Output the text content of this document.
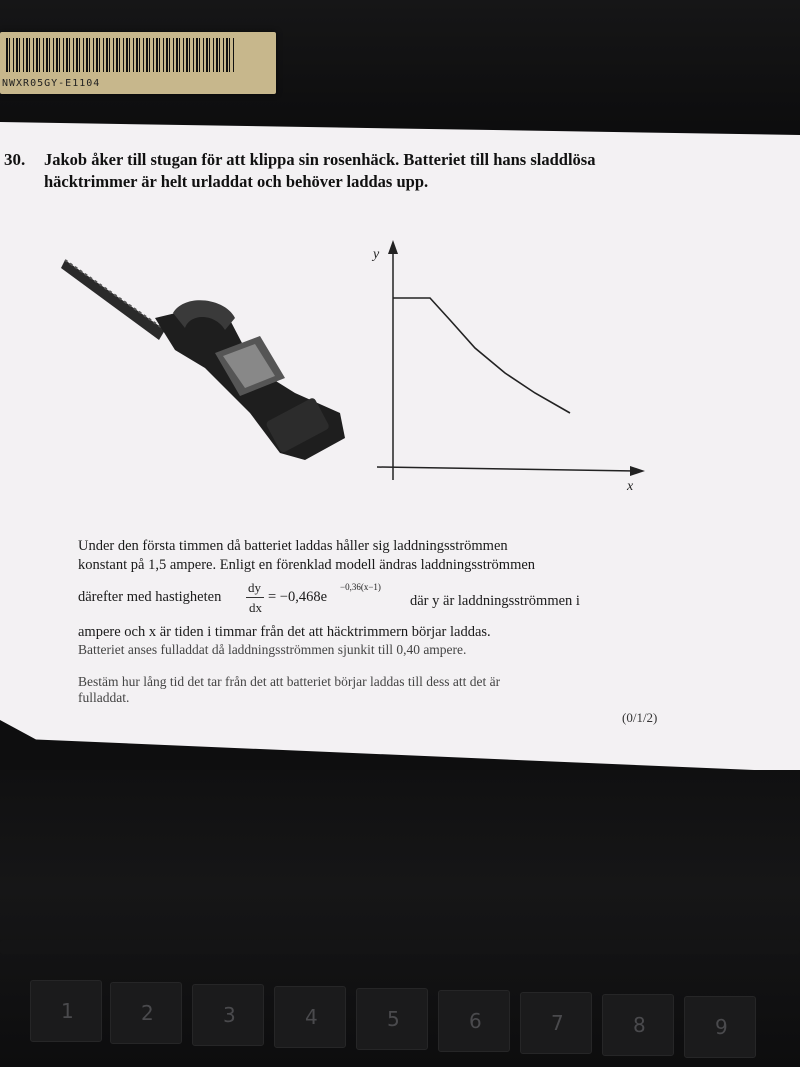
NWXR05GY-E1104
30. Jakob åker till stugan för att klippa sin rosenhäck. Batteriet till hans sladdlösa
häcktrimmer är helt urladdat och behöver laddas upp.
y
x
Under den första timmen då batteriet laddas håller sig laddningsströmmen
konstant på 1,5 ampere. Enligt en förenklad modell ändras laddningsströmmen
därefter med hastigheten
dy
dx
= −0,468e
−0,36(x−1)
där y är laddningsströmmen i
ampere och x är tiden i timmar från det att häcktrimmern börjar laddas.
Batteriet anses fulladdat då laddningsströmmen sjunkit till 0,40 ampere.
Bestäm hur lång tid det tar från det att batteriet börjar laddas till dess att det är
fulladdat.
(0/1/2)
1	2	3	4	5	6	7	8	9
